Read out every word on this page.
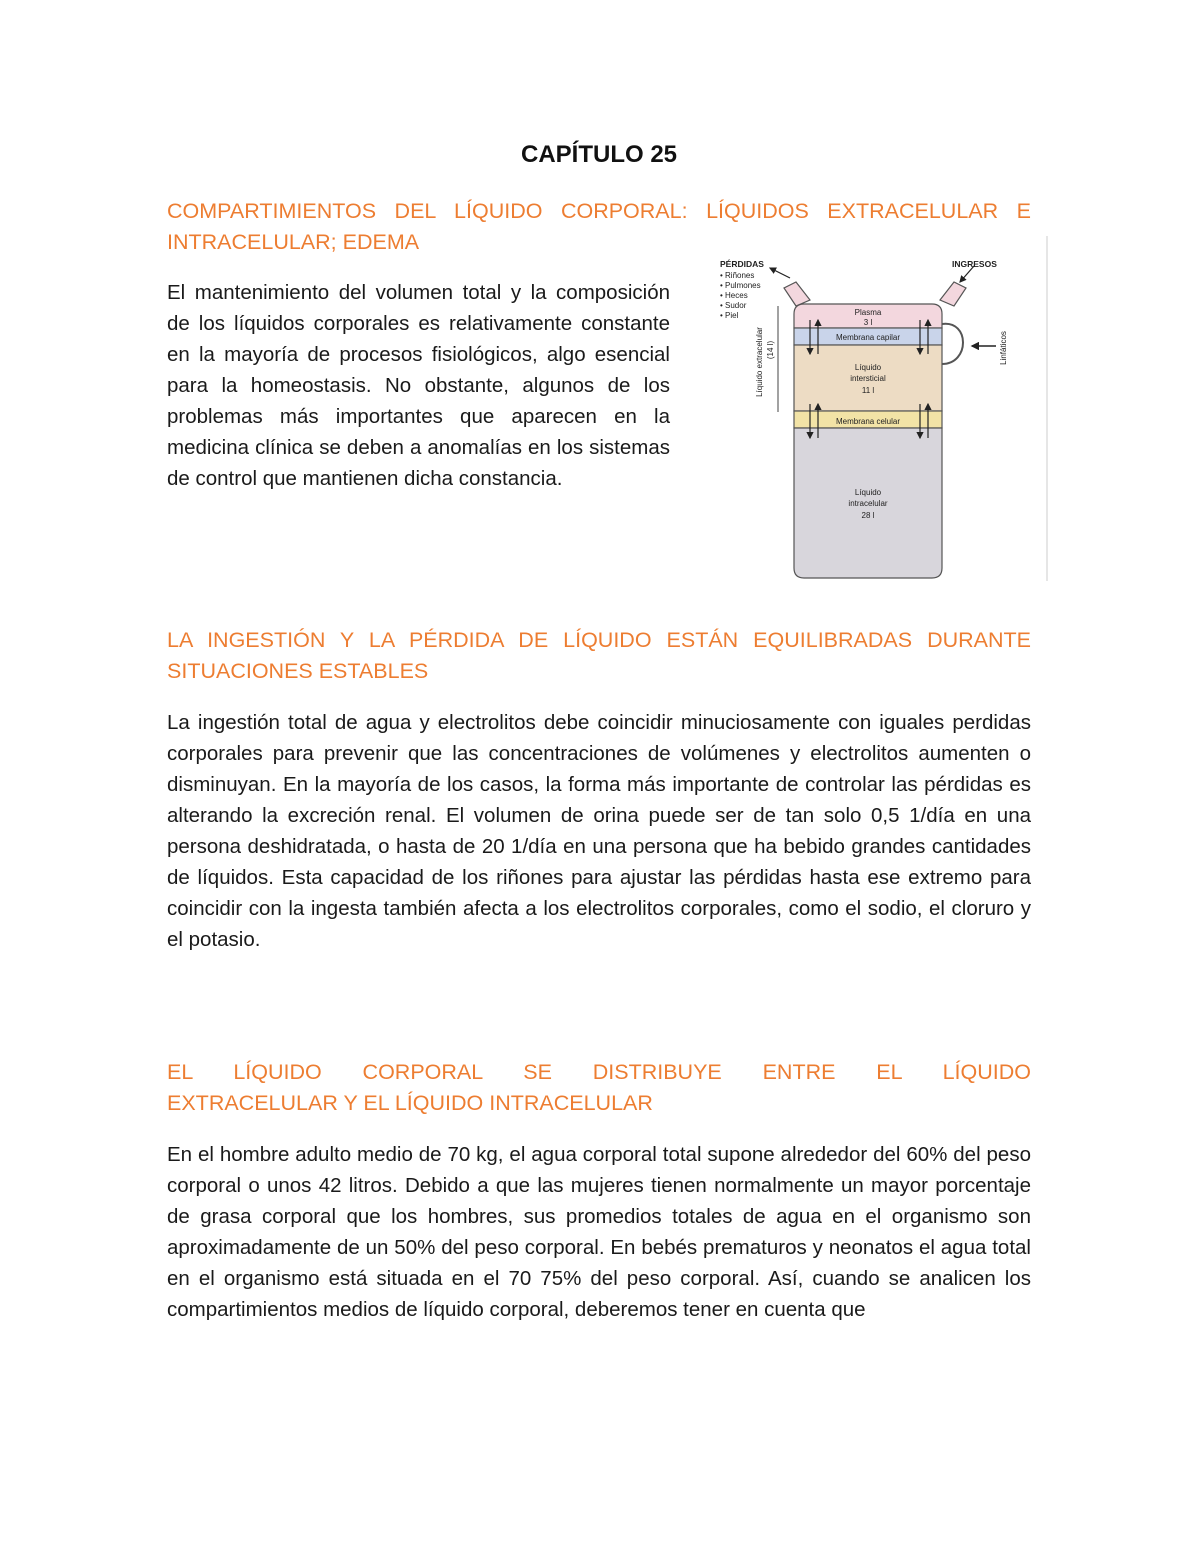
CAPÍTULO 25
COMPARTIMIENTOS DEL LÍQUIDO CORPORAL: LÍQUIDOS EXTRACELULAR E
INTRACELULAR; EDEMA

El mantenimiento del volumen total y la composición de los líquidos corporales es relativamente constante en la mayoría de procesos fisiológicos, algo esencial para la homeostasis. No obstante, algunos de los problemas más importantes que aparecen en la medicina clínica se deben a anomalías en los sistemas de control que mantienen dicha constancia.

PÉRDIDAS
• Riñones
• Pulmones
• Heces
• Sudor
• Piel
INGRESOS
Plasma
3 l
Membrana capilar
Líquido
intersticial
11 l
Membrana celular
Líquido
intracelular
28 l
Líquido extracelular (14 l)	Linfáticos
LA INGESTIÓN Y LA PÉRDIDA DE LÍQUIDO ESTÁN EQUILIBRADAS DURANTE
SITUACIONES ESTABLES

La ingestión total de agua y electrolitos debe coincidir minuciosamente con iguales perdidas corporales para prevenir que las concentraciones de volúmenes y electrolitos aumenten o disminuyan. En la mayoría de los casos, la forma más importante de controlar las pérdidas es alterando la excreción renal. El volumen de orina puede ser de tan solo 0,5 1/día en una persona deshidratada, o hasta de 20 1/día en una persona que ha bebido grandes cantidades de líquidos. Esta capacidad de los riñones para ajustar las pérdidas hasta ese extremo para coincidir con la ingesta también afecta a los electrolitos corporales, como el sodio, el cloruro y el potasio.

EL LÍQUIDO CORPORAL SE DISTRIBUYE ENTRE EL LÍQUIDO
EXTRACELULAR Y EL LÍQUIDO INTRACELULAR

En el hombre adulto medio de 70 kg, el agua corporal total supone alrededor del 60% del peso corporal o unos 42 litros. Debido a que las mujeres tienen normalmente un mayor porcentaje de grasa corporal que los hombres, sus promedios totales de agua en el organismo son aproximadamente de un 50% del peso corporal. En bebés prematuros y neonatos el agua total en el organismo está situada en el 70 75% del peso corporal. Así, cuando se analicen los compartimientos medios de líquido corporal, deberemos tener en cuenta que
